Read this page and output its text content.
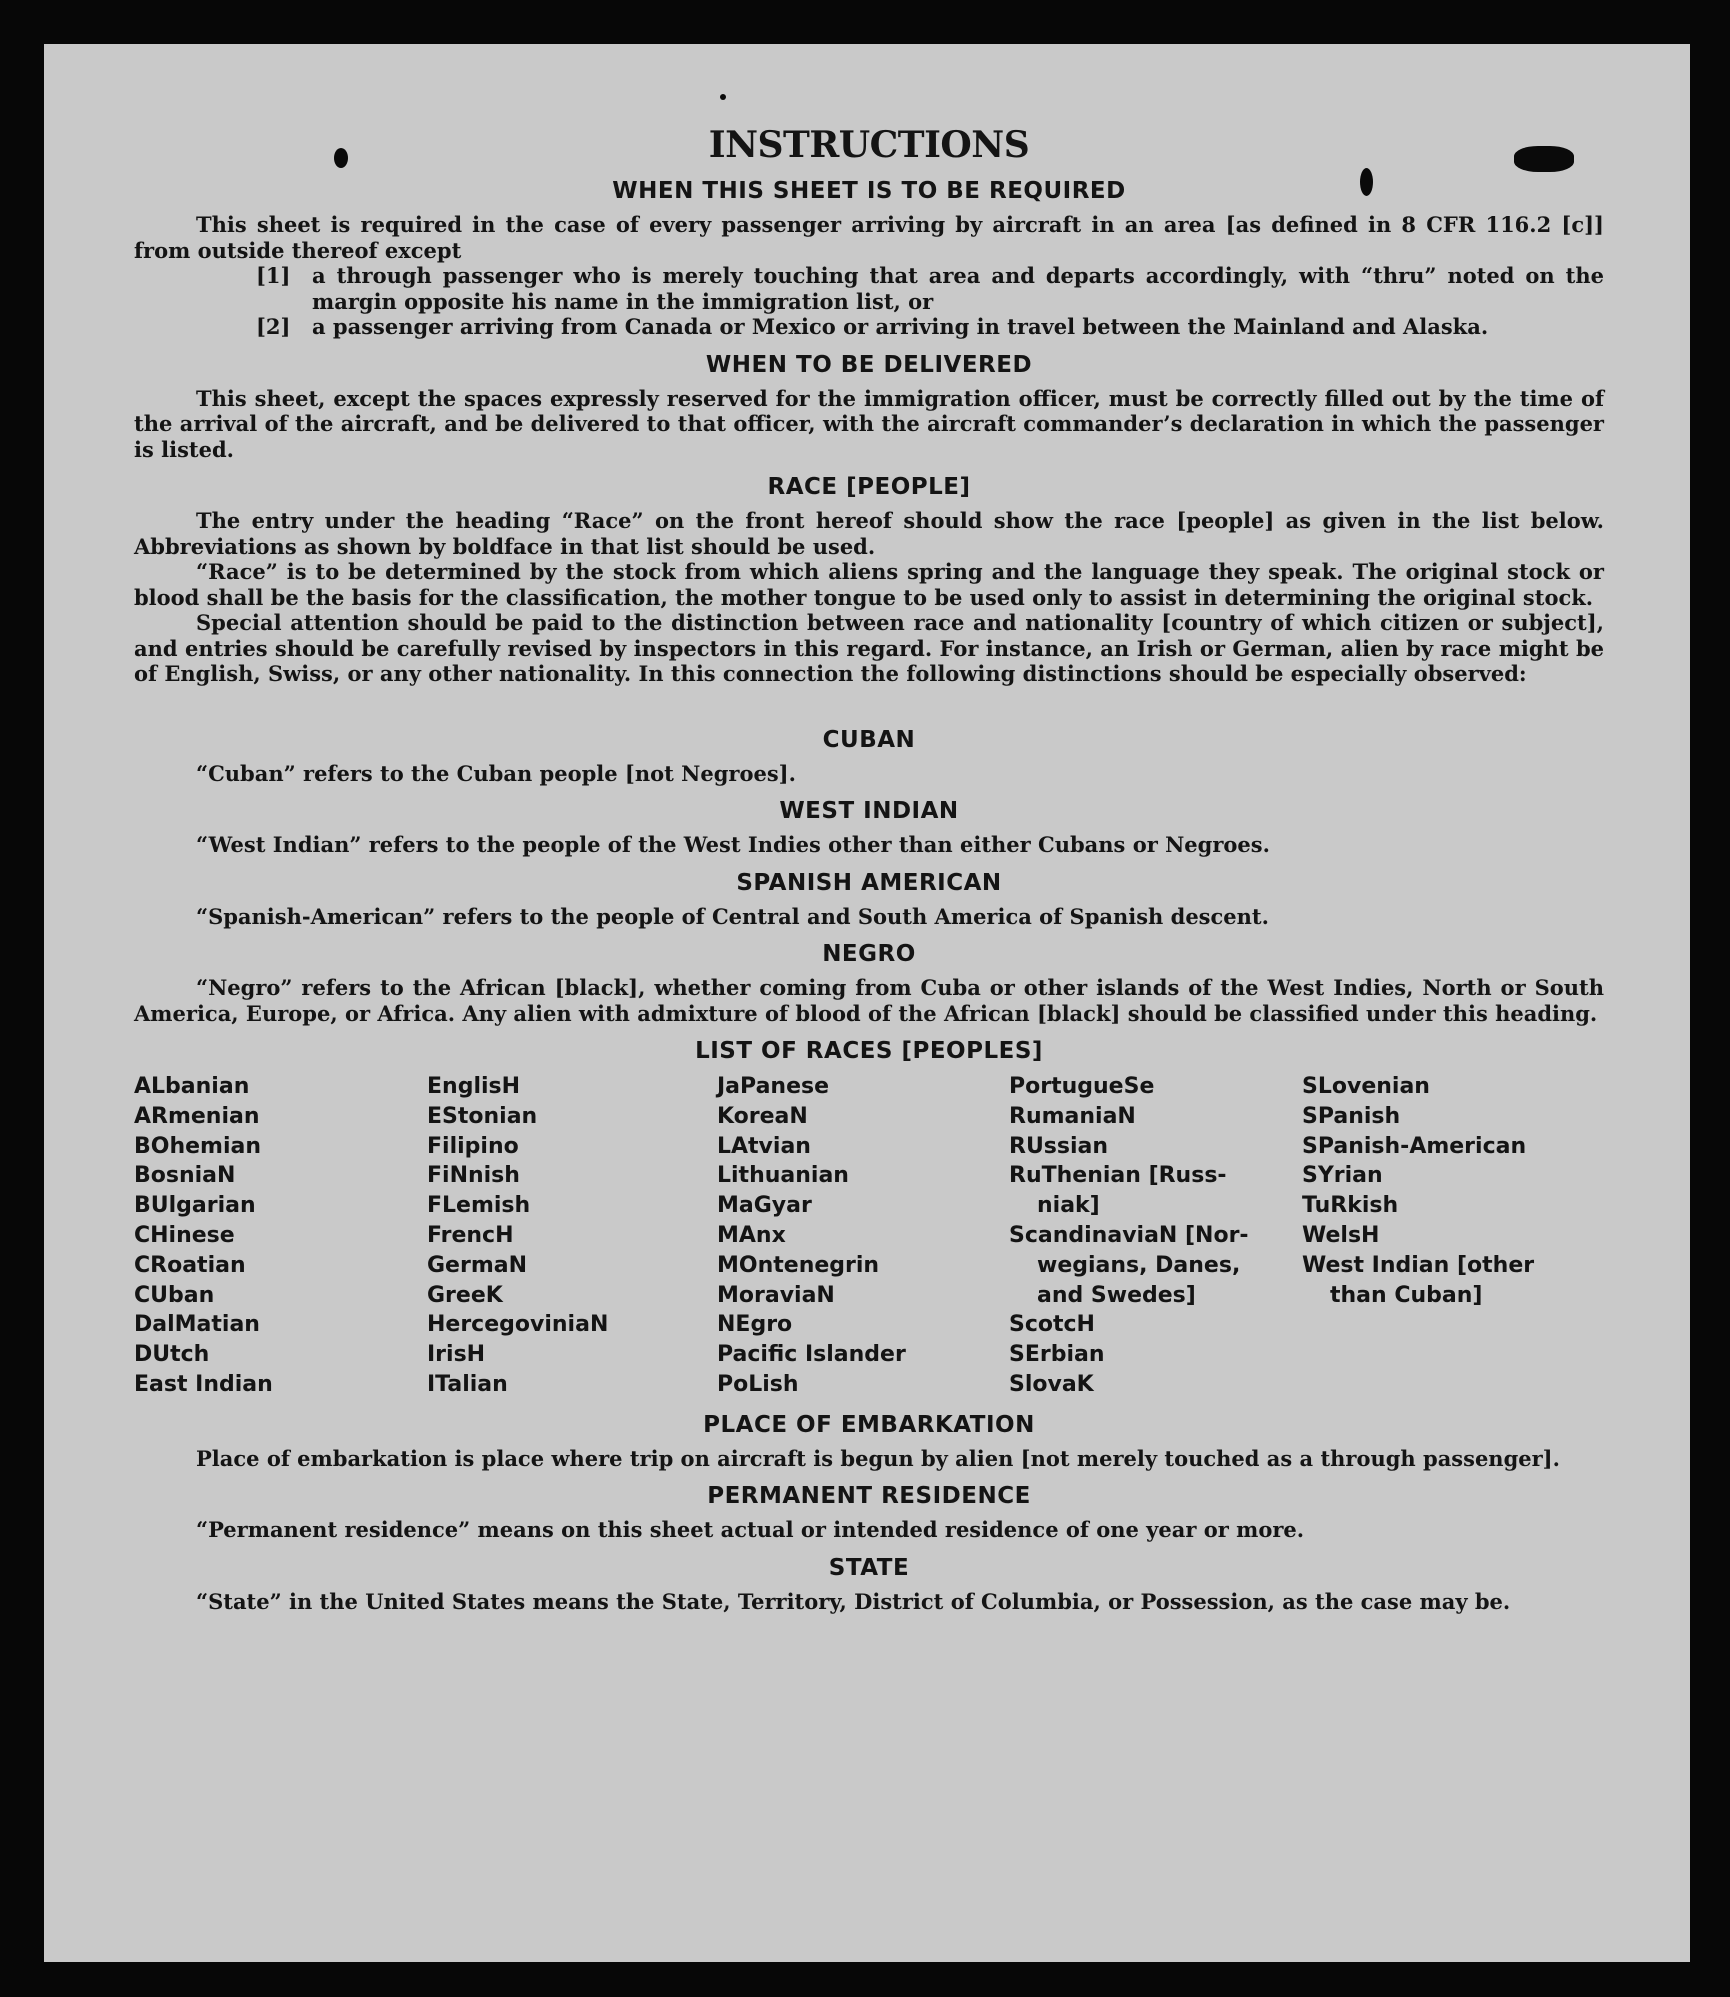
INSTRUCTIONS
WHEN THIS SHEET IS TO BE REQUIRED

This sheet is required in the case of every passenger arriving by aircraft in an area [as defined in 8 CFR 116.2 [c]] from outside thereof except

[1]	a through passenger who is merely touching that area and departs accordingly, with “thru” noted on the margin opposite his name in the immigration list, or
[2]	a passenger arriving from Canada or Mexico or arriving in travel between the Mainland and Alaska.
WHEN TO BE DELIVERED

This sheet, except the spaces expressly reserved for the immigration officer, must be correctly filled out by the time of the arrival of the aircraft, and be delivered to that officer, with the aircraft commander’s declaration in which the passenger is listed.

RACE [PEOPLE]

The entry under the heading “Race” on the front hereof should show the race [people] as given in the list below. Abbreviations as shown by boldface in that list should be used.

“Race” is to be determined by the stock from which aliens spring and the language they speak. The original stock or blood shall be the basis for the classification, the mother tongue to be used only to assist in determining the original stock.

Special attention should be paid to the distinction between race and nationality [country of which citizen or subject], and entries should be carefully revised by inspectors in this regard. For instance, an Irish or German, alien by race might be of English, Swiss, or any other nationality. In this connection the following distinctions should be especially observed:

CUBAN

“Cuban” refers to the Cuban people [not Negroes].

WEST INDIAN

“West Indian” refers to the people of the West Indies other than either Cubans or Negroes.

SPANISH AMERICAN

“Spanish-American” refers to the people of Central and South America of Spanish descent.

NEGRO

“Negro” refers to the African [black], whether coming from Cuba or other islands of the West Indies, North or South America, Europe, or Africa. Any alien with admixture of blood of the African [black] should be classified under this heading.

LIST OF RACES [PEOPLES]
ALbanian
ARmenian
BOhemian
BosniaN
BUlgarian
CHinese
CRoatian
CUban
DalMatian
DUtch
East Indian
EnglisH
EStonian
Filipino
FiNnish
FLemish
FrencH
GermaN
GreeK
HercegoviniaN
IrisH
ITalian
JaPanese
KoreaN
LAtvian
Lithuanian
MaGyar
MAnx
MOntenegrin
MoraviaN
NEgro
Pacific Islander
PoLish
PortugueSe
RumaniaN
RUssian
RuThenian [Russ-
niak]
ScandinaviaN [Nor-
wegians, Danes,
and Swedes]
ScotcH
SErbian
SlovaK
SLovenian
SPanish
SPanish-American
SYrian
TuRkish
WelsH
West Indian [other
than Cuban]
PLACE OF EMBARKATION

Place of embarkation is place where trip on aircraft is begun by alien [not merely touched as a through passenger].

PERMANENT RESIDENCE

“Permanent residence” means on this sheet actual or intended residence of one year or more.

STATE

“State” in the United States means the State, Territory, District of Columbia, or Possession, as the case may be.
